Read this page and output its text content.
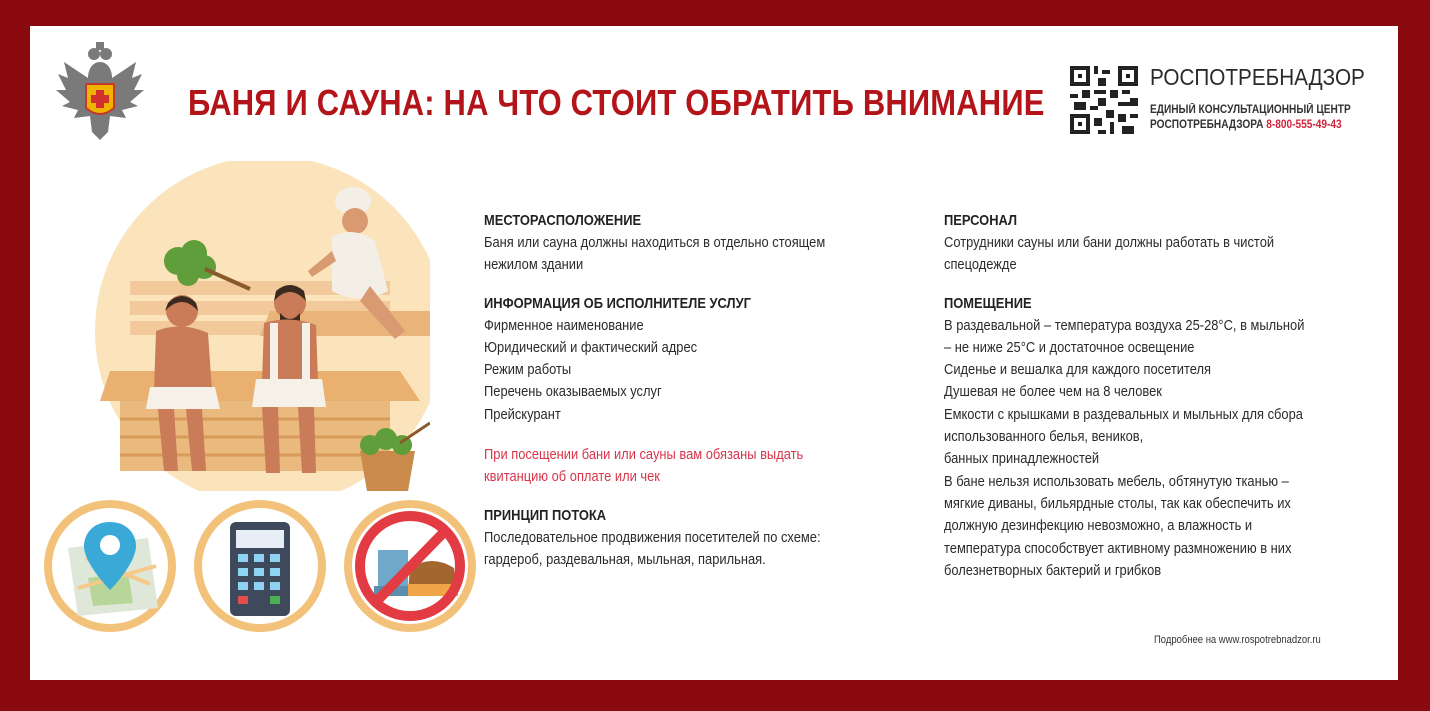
БАНЯ И САУНА: НА ЧТО СТОИТ ОБРАТИТЬ ВНИМАНИЕ
РОСПОТРЕБНАДЗОР
ЕДИНЫЙ КОНСУЛЬТАЦИОННЫЙ ЦЕНТР
РОСПОТРЕБНАДЗОРА 8-800-555-49-43
МЕСТОРАСПОЛОЖЕНИЕ
Баня или сауна должны находиться в отдельно стоящем
нежилом здании
ИНФОРМАЦИЯ ОБ ИСПОЛНИТЕЛЕ УСЛУГ
Фирменное наименование
Юридический и фактический адрес
Режим работы
Перечень оказываемых услуг
Прейскурант
При посещении бани или сауны вам обязаны выдать
квитанцию об оплате или чек
ПРИНЦИП ПОТОКА
Последовательное продвижения посетителей по схеме:
гардероб, раздевальная, мыльная, парильная.
ПЕРСОНАЛ
Сотрудники сауны или бани должны работать в чистой
спецодежде
ПОМЕЩЕНИЕ
В раздевальной – температура воздуха 25-28°С, в мыльной
– не ниже 25°С и достаточное освещение
Сиденье и вешалка для каждого посетителя
Душевая не более чем на 8 человек
Емкости с крышками в раздевальных и мыльных для сбора
использованного белья, веников,
банных принадлежностей
В бане нельзя использовать мебель, обтянутую тканью –
мягкие диваны, бильярдные столы, так как обеспечить их
должную дезинфекцию невозможно, а влажность и
температура способствует активному размножению в них
болезнетворных бактерий и грибков
Подробнее на www.rospotrebnadzor.ru
